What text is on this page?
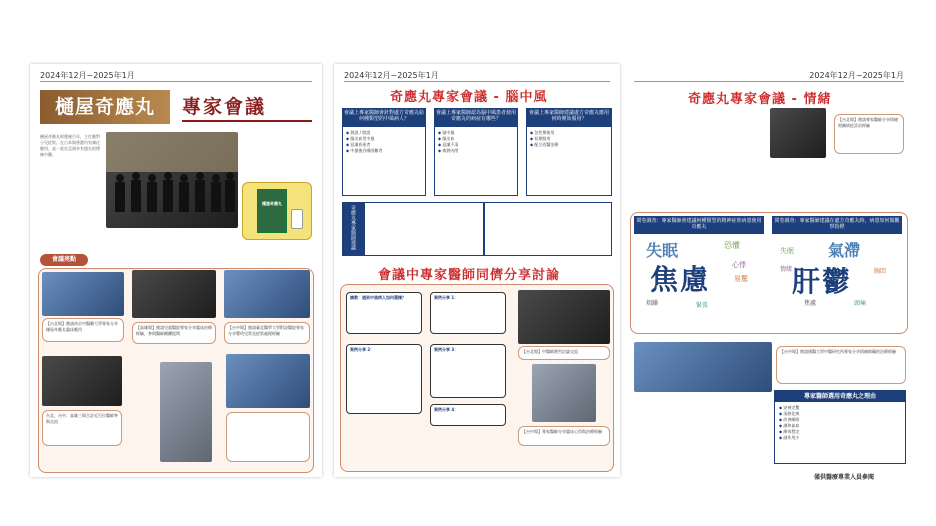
2024年12月~2025年1月
樋屋奇應丸	專家會議
樋屋奇應丸經歷逾百年，主打應對小兒症狀，在日本與香港均有廣泛應用，是一款在亞洲享有盛名的傳統中藥。
樋屋奇應丸
會議亮點
【台北場】邀請南京中醫藥大學專家分享樋屋奇應丸臨床應用	【高雄場】邀請兒童醫院專家分享臨床治療經驗，參與醫師踴躍提問
【台中場】邀請臺北醫學大學附設醫院專家分享嬰幼兒常見症狀處理經驗
台北、台中、高雄三場合計近百位醫師參與交流
2024年12月~2025年1月
奇應丸專家會議 - 腦中風
會議上專家醫師會針對處方奇應丸給何種類型的中風病人？
會議上專家醫師認為腦中風患者使用奇應丸的病症有哪些？
會議上專家醫師建議處方奇應丸應用何時開始服用？
◆ 熱證 / 開證
◆ 腦出血型中風
◆ 意識昏迷者
◆ 中風後吞嚥困難者
◆ 頭中風
◆ 腦出血
◆ 意識不清
◆ 痰熱內閉
◆ 急性期使用
◆ 短期服用
◆ 配合西醫治療
奇應丸專家醫師建議
會議中專家醫師同儕分享討論
請教：遇到中風病人如何選擇？	案例分享 1：
【台北場】中醫師熱烈討論交流
案例分享 2：	案例分享 3：
案例分享 4：
【台中場】專家醫師分享臨床心得與治療經驗
2024年12月~2025年1月
奇應丸專家會議 - 情緒
【台北場】邀請專家醫師分享情緒相關病症診治經驗
問卷調查：專家醫師會建議何種類型的精神症狀病患使用奇應丸
問卷調查：專家醫師建議在處方奇應丸時，病患如何做觀察指標
失眠	恐懼
焦慮	心悸
易驚
煩躁	緊張
氣滯
失眠
肝鬱
情緒	胸悶
焦慮	頭痛
【台中場】邀請國醫大學中醫研究所專家分享情緒障礙的治療經驗
專家醫師選用奇應丸之理由
◆ 安神定驚
◆ 清熱化痰
◆ 改善睡眠
◆ 調和氣血
◆ 療效穩定
◆ 副作用少
僅供醫療專業人員參閱
